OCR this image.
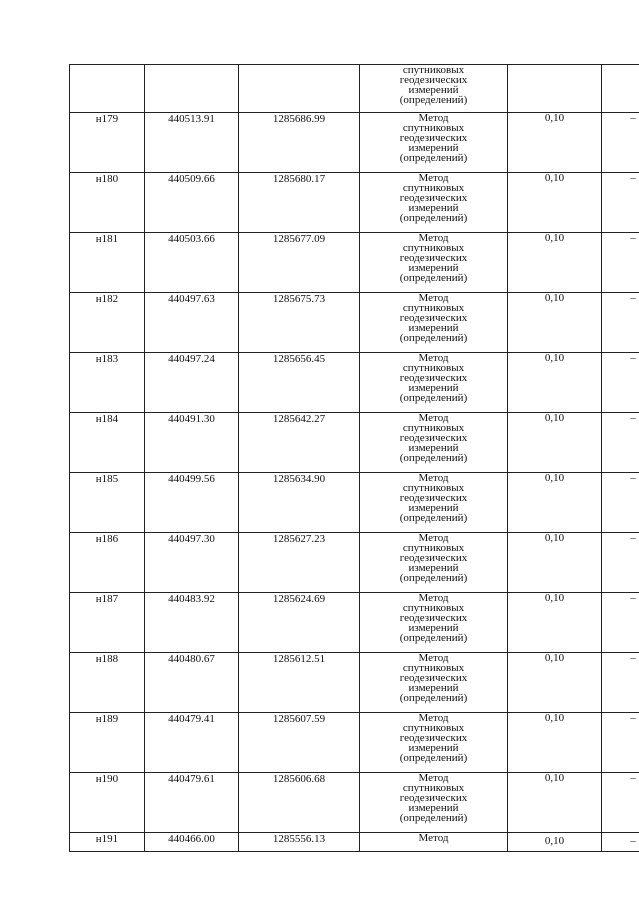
			спутниковых
геодезических
измерений
(определений)		

н179	440513.91	1285686.99	Метод
спутниковых
геодезических
измерений
(определений)	0,10	–

н180	440509.66	1285680.17	Метод
спутниковых
геодезических
измерений
(определений)	0,10	–

н181	440503.66	1285677.09	Метод
спутниковых
геодезических
измерений
(определений)	0,10	–

н182	440497.63	1285675.73	Метод
спутниковых
геодезических
измерений
(определений)	0,10	–

н183	440497.24	1285656.45	Метод
спутниковых
геодезических
измерений
(определений)	0,10	–

н184	440491.30	1285642.27	Метод
спутниковых
геодезических
измерений
(определений)	0,10	–

н185	440499.56	1285634.90	Метод
спутниковых
геодезических
измерений
(определений)	0,10	–

н186	440497.30	1285627.23	Метод
спутниковых
геодезических
измерений
(определений)	0,10	–

н187	440483.92	1285624.69	Метод
спутниковых
геодезических
измерений
(определений)	0,10	–

н188	440480.67	1285612.51	Метод
спутниковых
геодезических
измерений
(определений)	0,10	–

н189	440479.41	1285607.59	Метод
спутниковых
геодезических
измерений
(определений)	0,10	–

н190	440479.61	1285606.68	Метод
спутниковых
геодезических
измерений
(определений)	0,10	–

н191	440466.00	1285556.13	Метод	0,10	–
